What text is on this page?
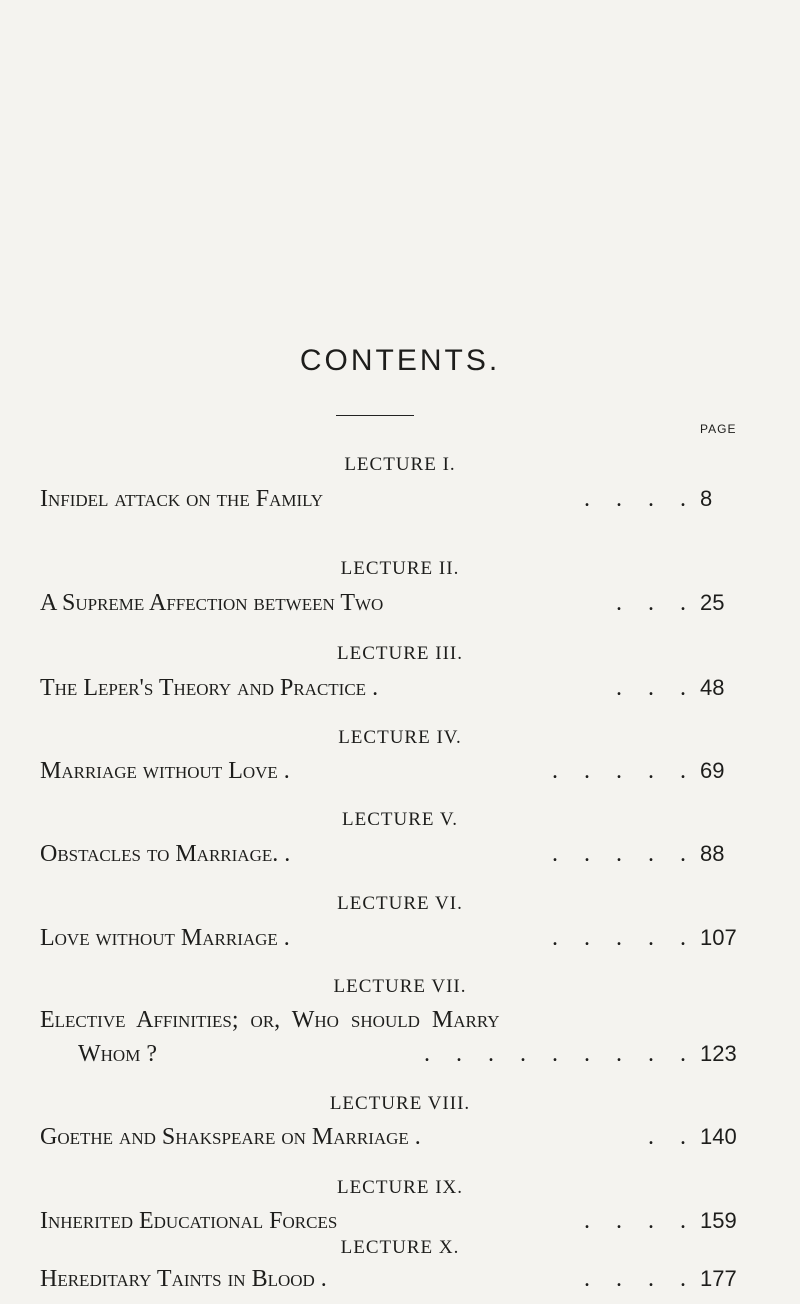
CONTENTS.
PAGE
LECTURE I.
Infidel attack on the Family	. . . . 8
LECTURE II.
A Supreme Affection between Two	. . . 25
LECTURE III.
The Leper's Theory and Practice .	. . . 48
LECTURE IV.
Marriage without Love .	. . . . . 69
LECTURE V.
Obstacles to Marriage. .	. . . . . 88
LECTURE VI.
Love without Marriage .	. . . . . 107
LECTURE VII.
Elective Affinities; or, Who should Marry
Whom ?	. . . . . . . . . 123
LECTURE VIII.
Goethe and Shakspeare on Marriage .	. . 140
LECTURE IX.
Inherited Educational Forces	. . . . 159
LECTURE X.
Hereditary Taints in Blood .	. . . . 177
